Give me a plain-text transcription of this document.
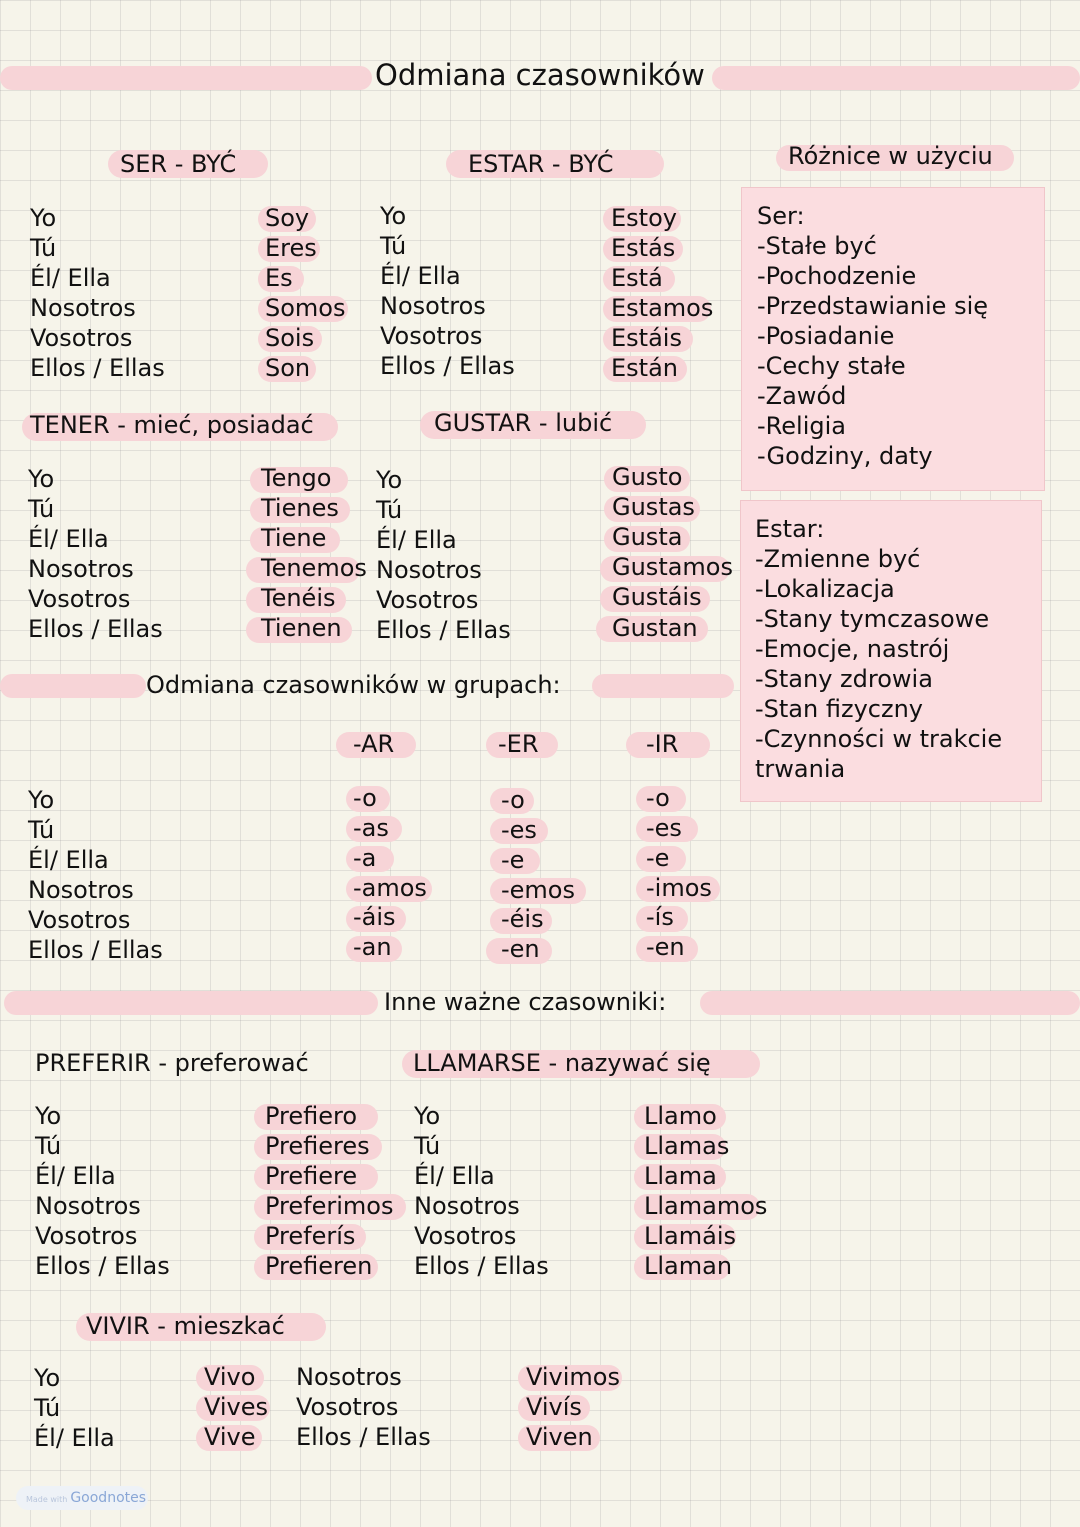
Odmiana czasowników
SER - BYĆ
Yo
Tú
Él/ Ella
Nosotros
Vosotros
Ellos / Ellas
Soy
Eres
Es
Somos
Sois
Son
ESTAR - BYĆ
Yo
Tú
Él/ Ella
Nosotros
Vosotros
Ellos / Ellas
Estoy
Estás
Está
Estamos
Estáis
Están
Różnice w użyciu
Ser:
-Stałe być
-Pochodzenie
-Przedstawianie się
-Posiadanie
-Cechy stałe
-Zawód
-Religia
-Godziny, daty
Estar:
-Zmienne być
-Lokalizacja
-Stany tymczasowe
-Emocje, nastrój
-Stany zdrowia
-Stan fizyczny
-Czynności w trakcie
trwania
TENER - mieć, posiadać
Yo
Tú
Él/ Ella
Nosotros
Vosotros
Ellos / Ellas
Tengo
Tienes
Tiene
Tenemos
Tenéis
Tienen
GUSTAR - lubić
Yo
Tú
Él/ Ella
Nosotros
Vosotros
Ellos / Ellas
Gusto
Gustas
Gusta
Gustamos
Gustáis
Gustan
Odmiana czasowników w grupach:
-AR	-ER	-IR
Yo
Tú
Él/ Ella
Nosotros
Vosotros
Ellos / Ellas
-o
-as
-a
-amos
-áis
-an
-o
-es
-e
-emos
-éis
-en
-o
-es
-e
-imos
-ís
-en
Inne ważne czasowniki:
PREFERIR - preferować
Yo
Tú
Él/ Ella
Nosotros
Vosotros
Ellos / Ellas
Prefiero
Prefieres
Prefiere
Preferimos
Preferís
Prefieren
LLAMARSE - nazywać się
Yo
Tú
Él/ Ella
Nosotros
Vosotros
Ellos / Ellas
Llamo
Llamas
Llama
Llamamos
Llamáis
Llaman
VIVIR - mieszkać
Yo
Tú
Él/ Ella
Vivo
Vives
Vive
Nosotros
Vosotros
Ellos / Ellas
Vivimos
Vivís
Viven
Made with Goodnotes
